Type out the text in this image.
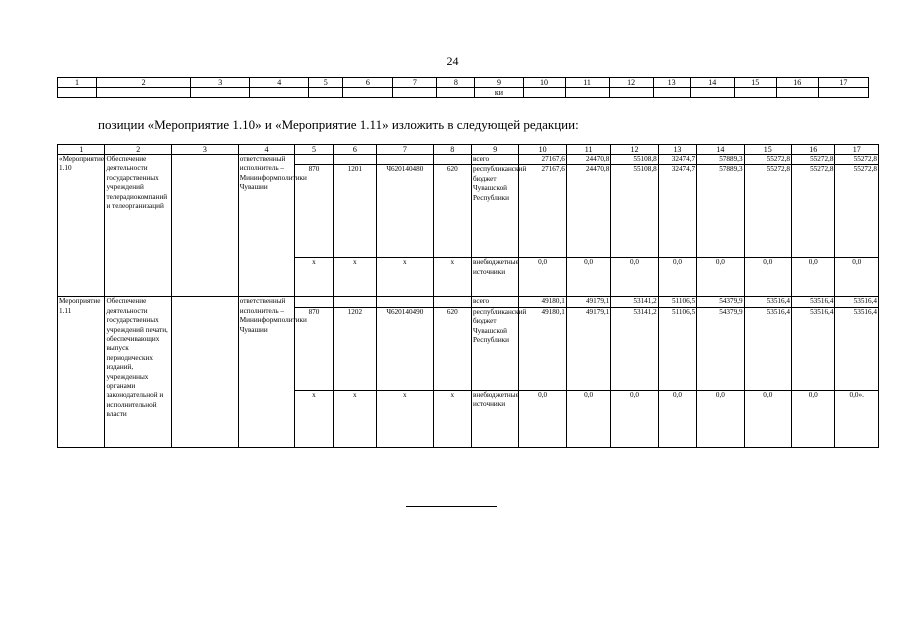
24
1	2	3	4	5	6	7	8	9	10	11	12	13	14	15	16	17
								ки								
позиции «Мероприятие 1.10» и «Мероприятие 1.11» изложить в следующей редакции:
1	2	3	4	5	6	7	8	9	10	11	12	13	14	15	16	17
«Мероприятие 1.10	Обеспечение деятельности государственных учреждений телерадиокомпаний и телеорганизаций		ответственный исполнитель – Мининформполитики Чувашии					всего	27167,6	24470,8	55108,8	32474,7	57889,3	55272,8	55272,8	55272,8
				870	1201	Ч620140480	620	республиканский бюджет Чувашской Республики	27167,6	24470,8	55108,8	32474,7	57889,3	55272,8	55272,8	55272,8
				x	x	x	x	внебюджетные источники	0,0	0,0	0,0	0,0	0,0	0,0	0,0	0,0
Мероприятие 1.11	Обеспечение деятельности государственных учреждений печати, обеспечивающих выпуск периодических изданий, учрежденных органами законодательной и исполнительной власти		ответственный исполнитель – Мининформполитики Чувашии					всего	49180,1	49179,1	53141,2	51106,5	54379,9	53516,4	53516,4	53516,4
				870	1202	Ч620140490	620	республиканский бюджет Чувашской Республики	49180,1	49179,1	53141,2	51106,5	54379,9	53516,4	53516,4	53516,4
				x	x	x	x	внебюджетные источники	0,0	0,0	0,0	0,0	0,0	0,0	0,0	0,0».
